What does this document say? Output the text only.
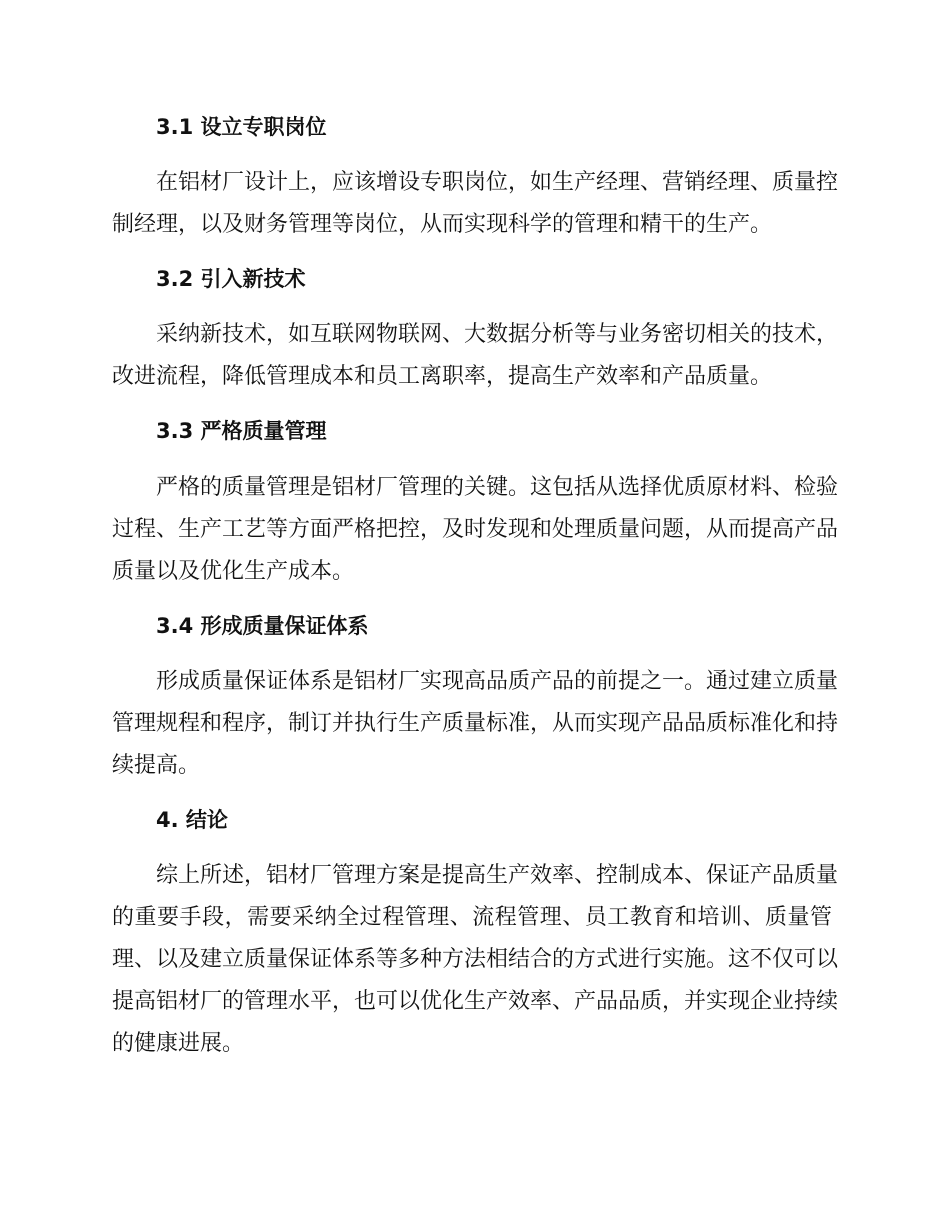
3.1 设立专职岗位
在铝材厂设计上，应该增设专职岗位，如生产经理、营销经理、质量控
制经理，以及财务管理等岗位，从而实现科学的管理和精干的生产。
3.2 引入新技术
采纳新技术，如互联网物联网、大数据分析等与业务密切相关的技术，
改进流程，降低管理成本和员工离职率，提高生产效率和产品质量。
3.3 严格质量管理
严格的质量管理是铝材厂管理的关键。这包括从选择优质原材料、检验
过程、生产工艺等方面严格把控，及时发现和处理质量问题，从而提高产品
质量以及优化生产成本。
3.4 形成质量保证体系
形成质量保证体系是铝材厂实现高品质产品的前提之一。通过建立质量
管理规程和程序，制订并执行生产质量标准，从而实现产品品质标准化和持
续提高。
4. 结论
综上所述，铝材厂管理方案是提高生产效率、控制成本、保证产品质量
的重要手段，需要采纳全过程管理、流程管理、员工教育和培训、质量管
理、以及建立质量保证体系等多种方法相结合的方式进行实施。这不仅可以
提高铝材厂的管理水平，也可以优化生产效率、产品品质，并实现企业持续
的健康进展。
